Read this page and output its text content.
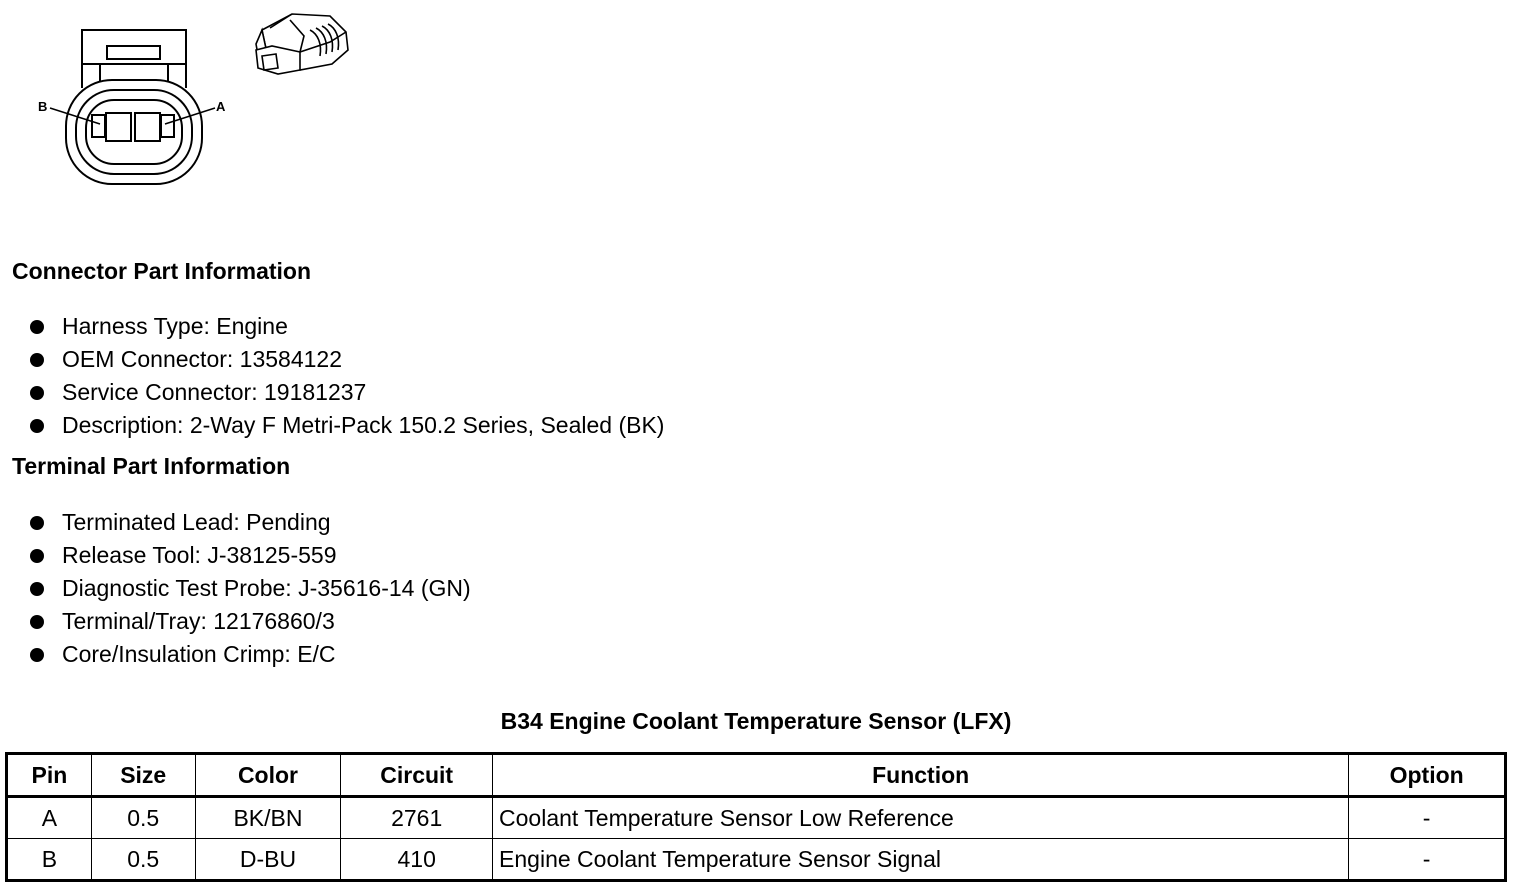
B	A
Connector Part Information
Harness Type: Engine
OEM Connector: 13584122
Service Connector: 19181237
Description: 2-Way F Metri-Pack 150.2 Series, Sealed (BK)
Terminal Part Information
Terminated Lead: Pending
Release Tool: J-38125-559
Diagnostic Test Probe: J-35616-14 (GN)
Terminal/Tray: 12176860/3
Core/Insulation Crimp: E/C
B34 Engine Coolant Temperature Sensor (LFX)
Pin	Size	Color	Circuit	Function	Option
A	0.5	BK/BN	2761	Coolant Temperature Sensor Low Reference	-
B	0.5	D-BU	410	Engine Coolant Temperature Sensor Signal	-
